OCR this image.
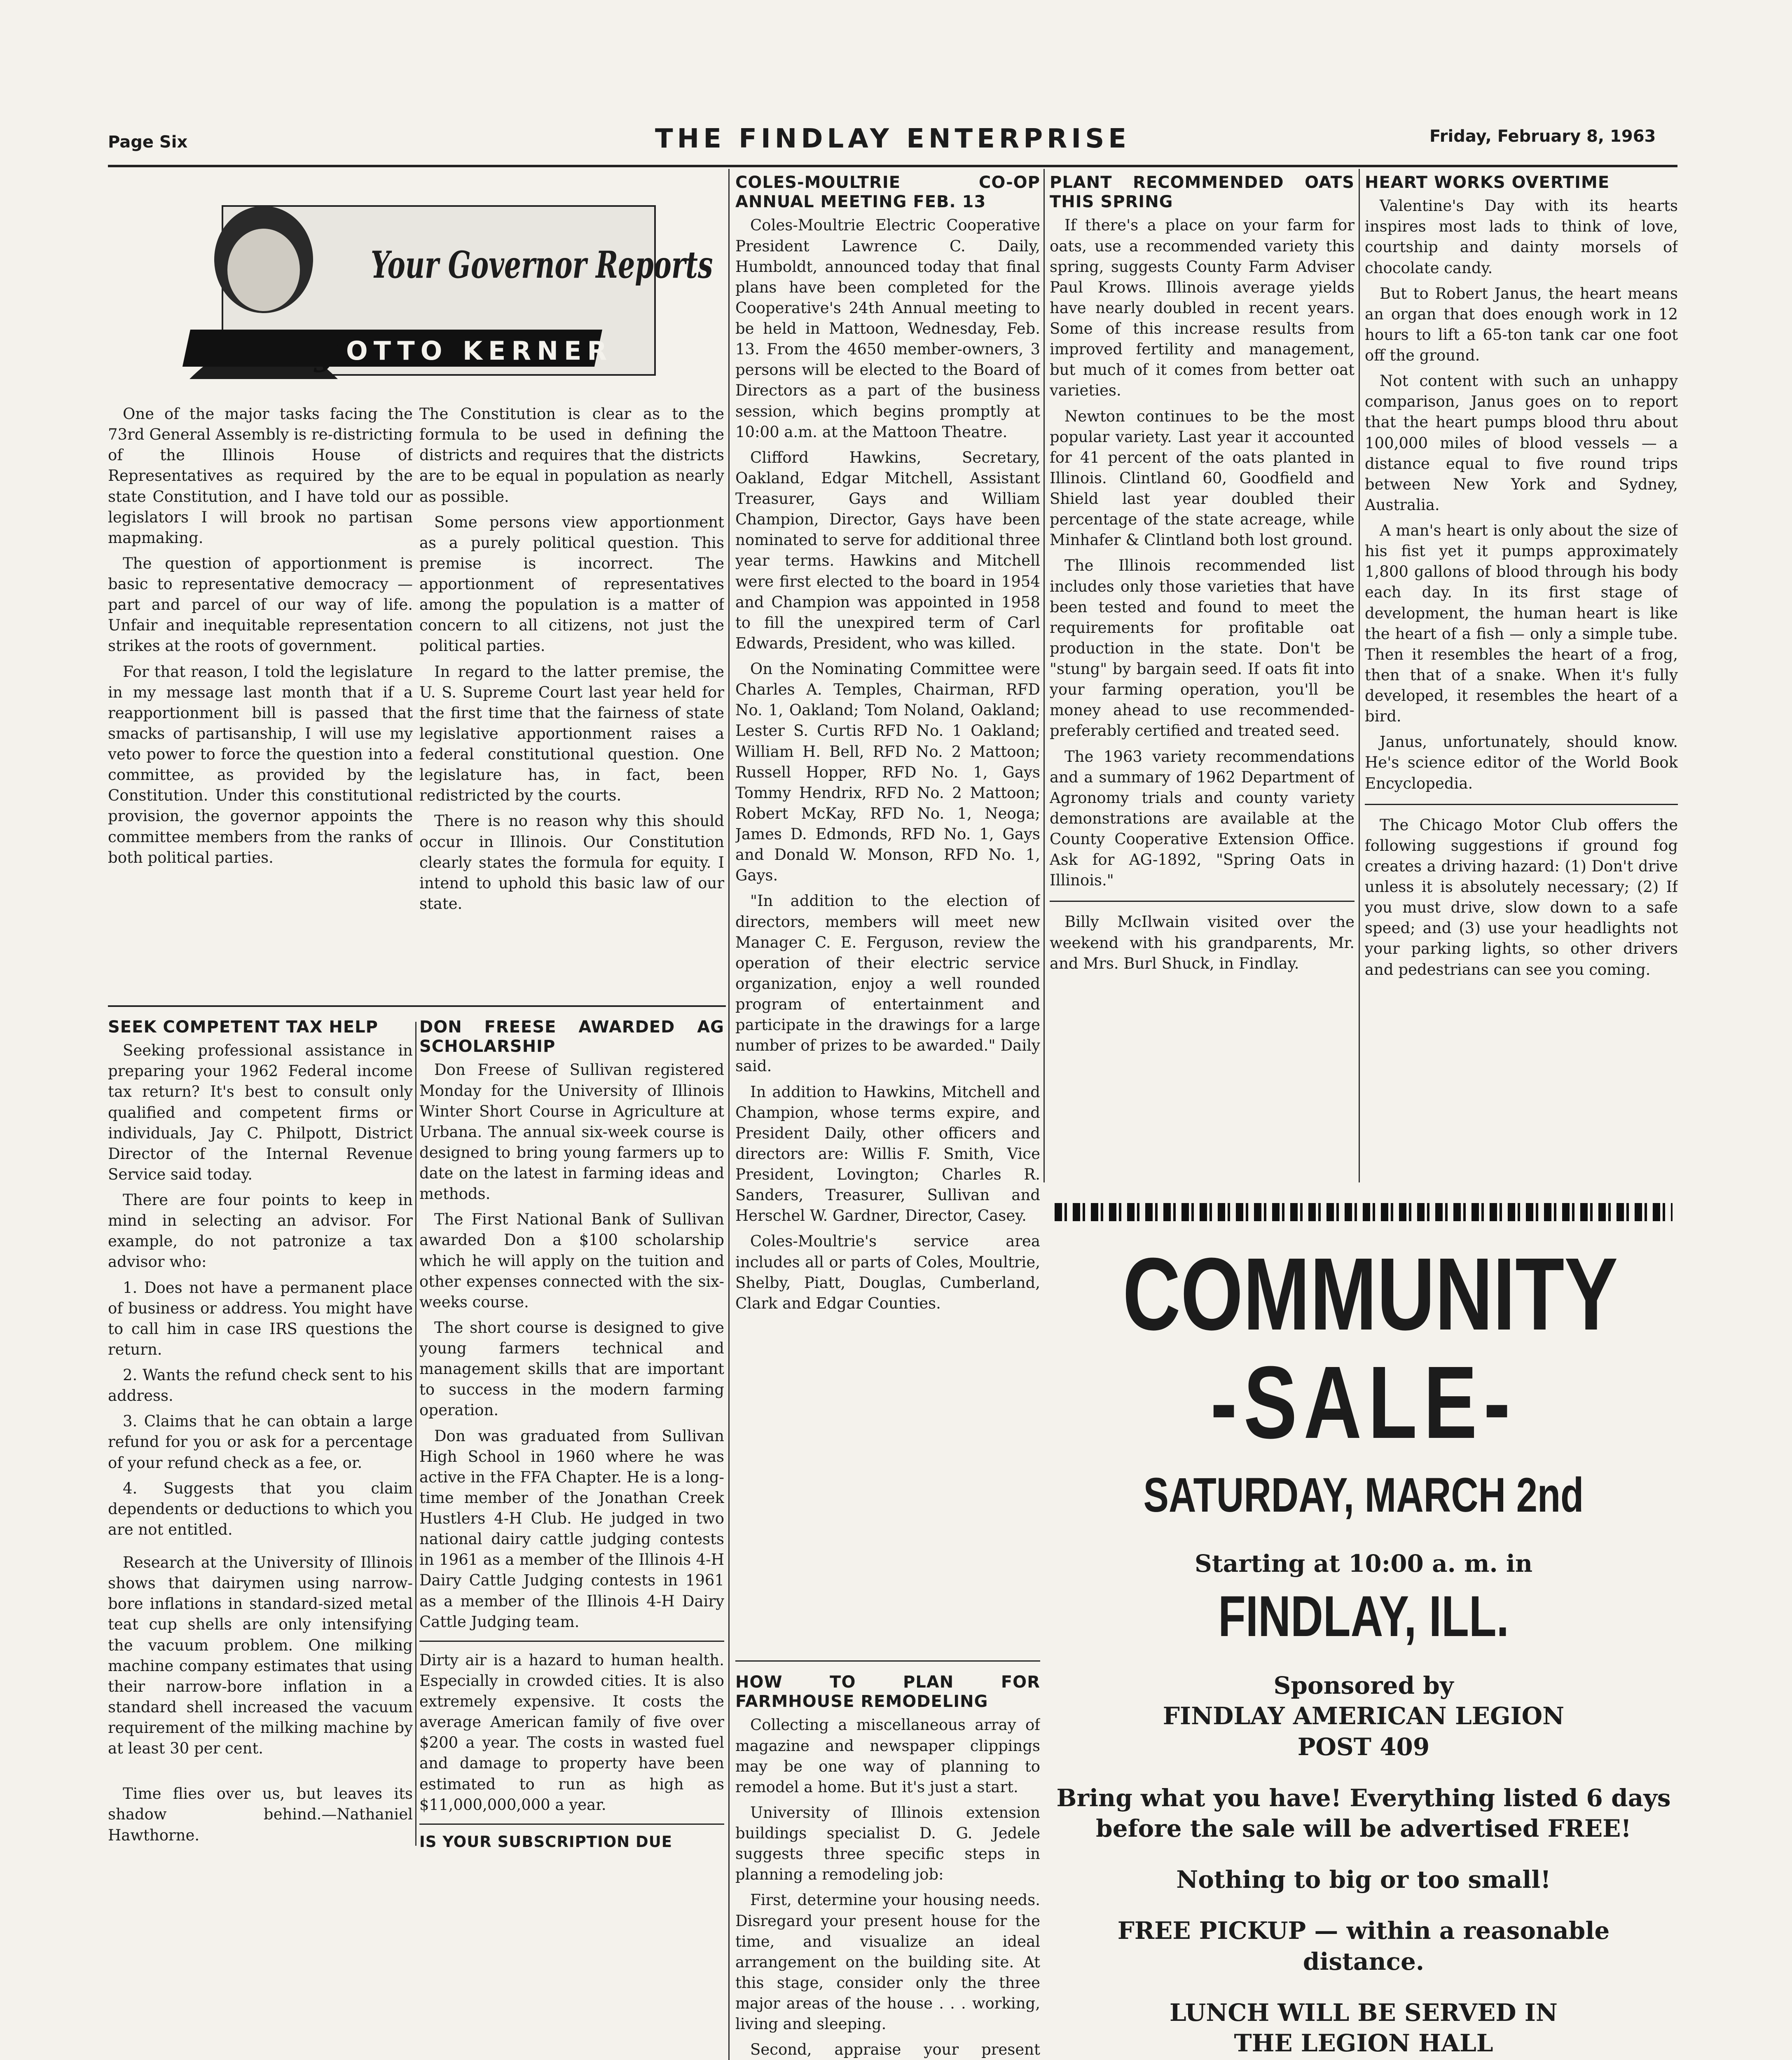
Page Six	THE FINDLAY ENTERPRISE	Friday, February 8, 1963
Your Governor Reports
by OTTO KERNER

One of the major tasks facing the 73rd General Assembly is re-districting of the Illinois House of Representatives as required by the state Constitution, and I have told our legislators I will brook no partisan mapmaking.

The question of apportionment is basic to representative democracy — part and parcel of our way of life. Unfair and inequitable representation strikes at the roots of government.

For that reason, I told the legislature in my message last month that if a reapportionment bill is passed that smacks of partisanship, I will use my veto power to force the question into a committee, as provided by the Constitution. Under this constitutional provision, the governor appoints the committee members from the ranks of both political parties.

The Constitution is clear as to the formula to be used in defining the districts and requires that the districts are to be equal in population as nearly as possible.

Some persons view apportionment as a purely political question. This premise is incorrect. The apportionment of representatives among the population is a matter of concern to all citizens, not just the political parties.

In regard to the latter premise, the U. S. Supreme Court last year held for the first time that the fairness of state legislative apportionment raises a federal constitutional question. One legislature has, in fact, been redistricted by the courts.

There is no reason why this should occur in Illinois. Our Constitution clearly states the formula for equity. I intend to uphold this basic law of our state.

SEEK COMPETENT TAX HELP

Seeking professional assistance in preparing your 1962 Federal income tax return? It's best to consult only qualified and competent firms or individuals, Jay C. Philpott, District Director of the Internal Revenue Service said today.

There are four points to keep in mind in selecting an advisor. For example, do not patronize a tax advisor who:

1. Does not have a permanent place of business or address. You might have to call him in case IRS questions the return.

2. Wants the refund check sent to his address.

3. Claims that he can obtain a large refund for you or ask for a percentage of your refund check as a fee, or.

4. Suggests that you claim dependents or deductions to which you are not entitled.

Research at the University of Illinois shows that dairymen using narrow-bore inflations in standard-sized metal teat cup shells are only intensifying the vacuum problem. One milking machine company estimates that using their narrow-bore inflation in a standard shell increased the vacuum requirement of the milking machine by at least 30 per cent.

Time flies over us, but leaves its shadow behind.—Nathaniel Hawthorne.

DON FREESE AWARDED AG SCHOLARSHIP

Don Freese of Sullivan registered Monday for the University of Illinois Winter Short Course in Agriculture at Urbana. The annual six-week course is designed to bring young farmers up to date on the latest in farming ideas and methods.

The First National Bank of Sullivan awarded Don a $100 scholarship which he will apply on the tuition and other expenses connected with the six-weeks course.

The short course is designed to give young farmers technical and management skills that are important to success in the modern farming operation.

Don was graduated from Sullivan High School in 1960 where he was active in the FFA Chapter. He is a long-time member of the Jonathan Creek Hustlers 4-H Club. He judged in two national dairy cattle judging contests in 1961 as a member of the Illinois 4-H Dairy Cattle Judging contests in 1961 as a member of the Illinois 4-H Dairy Cattle Judging team.

Dirty air is a hazard to human health. Especially in crowded cities. It is also extremely expensive. It costs the average American family of five over $200 a year. The costs in wasted fuel and damage to property have been estimated to run as high as $11,000,000,000 a year.

IS YOUR SUBSCRIPTION DUE
COLES-MOULTRIE CO-OP ANNUAL MEETING FEB. 13

Coles-Moultrie Electric Cooperative President Lawrence C. Daily, Humboldt, announced today that final plans have been completed for the Cooperative's 24th Annual meeting to be held in Mattoon, Wednesday, Feb. 13. From the 4650 member-owners, 3 persons will be elected to the Board of Directors as a part of the business session, which begins promptly at 10:00 a.m. at the Mattoon Theatre.

Clifford Hawkins, Secretary, Oakland, Edgar Mitchell, Assistant Treasurer, Gays and William Champion, Director, Gays have been nominated to serve for additional three year terms. Hawkins and Mitchell were first elected to the board in 1954 and Champion was appointed in 1958 to fill the unexpired term of Carl Edwards, President, who was killed.

On the Nominating Committee were Charles A. Temples, Chairman, RFD No. 1, Oakland; Tom Noland, Oakland; Lester S. Curtis RFD No. 1 Oakland; William H. Bell, RFD No. 2 Mattoon; Russell Hopper, RFD No. 1, Gays Tommy Hendrix, RFD No. 2 Mattoon; Robert McKay, RFD No. 1, Neoga; James D. Edmonds, RFD No. 1, Gays and Donald W. Monson, RFD No. 1, Gays.

"In addition to the election of directors, members will meet new Manager C. E. Ferguson, review the operation of their electric service organization, enjoy a well rounded program of entertainment and participate in the drawings for a large number of prizes to be awarded." Daily said.

In addition to Hawkins, Mitchell and Champion, whose terms expire, and President Daily, other officers and directors are: Willis F. Smith, Vice President, Lovington; Charles R. Sanders, Treasurer, Sullivan and Herschel W. Gardner, Director, Casey.

Coles-Moultrie's service area includes all or parts of Coles, Moultrie, Shelby, Piatt, Douglas, Cumberland, Clark and Edgar Counties.

HOW TO PLAN FOR FARMHOUSE REMODELING

Collecting a miscellaneous array of magazine and newspaper clippings may be one way of planning to remodel a home. But it's just a start.

University of Illinois extension buildings specialist D. G. Jedele suggests three specific steps in planning a remodeling job:

First, determine your housing needs. Disregard your present house for the time, and visualize an ideal arrangement on the building site. At this stage, consider only the three major areas of the house . . . working, living and sleeping.

Second, appraise your present

PLANT RECOMMENDED OATS THIS SPRING

If there's a place on your farm for oats, use a recommended variety this spring, suggests County Farm Adviser Paul Krows. Illinois average yields have nearly doubled in recent years. Some of this increase results from improved fertility and management, but much of it comes from better oat varieties.

Newton continues to be the most popular variety. Last year it accounted for 41 percent of the oats planted in Illinois. Clintland 60, Goodfield and Shield last year doubled their percentage of the state acreage, while Minhafer & Clintland both lost ground.

The Illinois recommended list includes only those varieties that have been tested and found to meet the requirements for profitable oat production in the state. Don't be "stung" by bargain seed. If oats fit into your farming operation, you'll be money ahead to use recommended-preferably certified and treated seed.

The 1963 variety recommendations and a summary of 1962 Department of Agronomy trials and county variety demonstrations are available at the County Cooperative Extension Office. Ask for AG-1892, "Spring Oats in Illinois."

Billy McIlwain visited over the weekend with his grandparents, Mr. and Mrs. Burl Shuck, in Findlay.

HEART WORKS OVERTIME

Valentine's Day with its hearts inspires most lads to think of love, courtship and dainty morsels of chocolate candy.

But to Robert Janus, the heart means an organ that does enough work in 12 hours to lift a 65-ton tank car one foot off the ground.

Not content with such an unhappy comparison, Janus goes on to report that the heart pumps blood thru about 100,000 miles of blood vessels — a distance equal to five round trips between New York and Sydney, Australia.

A man's heart is only about the size of his fist yet it pumps approximately 1,800 gallons of blood through his body each day. In its first stage of development, the human heart is like the heart of a fish — only a simple tube. Then it resembles the heart of a frog, then that of a snake. When it's fully developed, it resembles the heart of a bird.

Janus, unfortunately, should know. He's science editor of the World Book Encyclopedia.

The Chicago Motor Club offers the following suggestions if ground fog creates a driving hazard: (1) Don't drive unless it is absolutely necessary; (2) If you must drive, slow down to a safe speed; and (3) use your headlights not your parking lights, so other drivers and pedestrians can see you coming.

COMMUNITY
-SALE-
SATURDAY, MARCH 2nd
Starting at 10:00 a. m. in
FINDLAY, ILL.
Sponsored by
FINDLAY AMERICAN LEGION
POST 409
Bring what you have! Everything listed 6 days
before the sale will be advertised FREE!
Nothing to big or too small!
FREE PICKUP — within a reasonable distance.
LUNCH WILL BE SERVED IN
THE LEGION HALL
